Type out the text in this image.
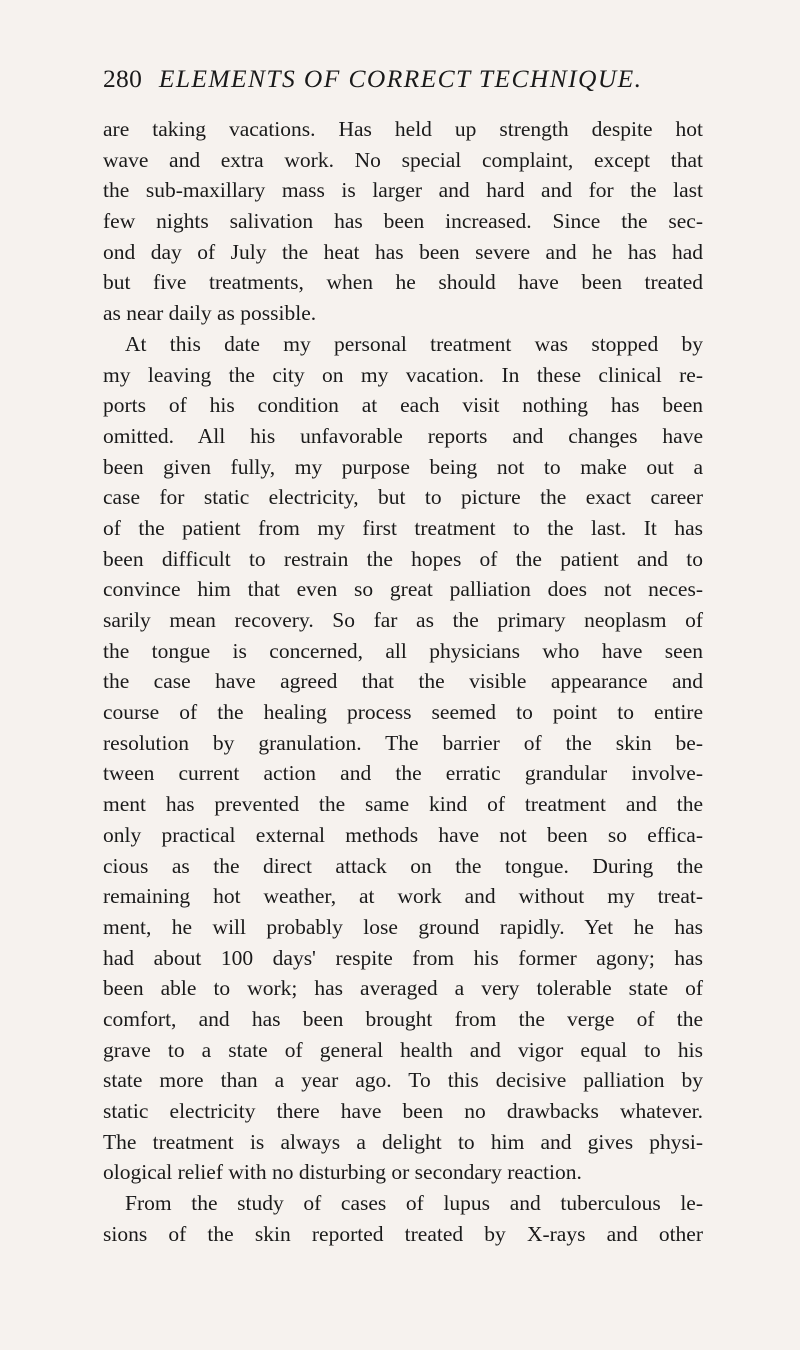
280 ELEMENTS OF CORRECT TECHNIQUE.
are taking vacations. Has held up strength despite hot
wave and extra work. No special complaint, except that
the sub-maxillary mass is larger and hard and for the last
few nights salivation has been increased. Since the sec-
ond day of July the heat has been severe and he has had
but five treatments, when he should have been treated
as near daily as possible.
At this date my personal treatment was stopped by
my leaving the city on my vacation. In these clinical re-
ports of his condition at each visit nothing has been
omitted. All his unfavorable reports and changes have
been given fully, my purpose being not to make out a
case for static electricity, but to picture the exact career
of the patient from my first treatment to the last. It has
been difficult to restrain the hopes of the patient and to
convince him that even so great palliation does not neces-
sarily mean recovery. So far as the primary neoplasm of
the tongue is concerned, all physicians who have seen
the case have agreed that the visible appearance and
course of the healing process seemed to point to entire
resolution by granulation. The barrier of the skin be-
tween current action and the erratic grandular involve-
ment has prevented the same kind of treatment and the
only practical external methods have not been so effica-
cious as the direct attack on the tongue. During the
remaining hot weather, at work and without my treat-
ment, he will probably lose ground rapidly. Yet he has
had about 100 days' respite from his former agony; has
been able to work; has averaged a very tolerable state of
comfort, and has been brought from the verge of the
grave to a state of general health and vigor equal to his
state more than a year ago. To this decisive palliation by
static electricity there have been no drawbacks whatever.
The treatment is always a delight to him and gives physi-
ological relief with no disturbing or secondary reaction.
From the study of cases of lupus and tuberculous le-
sions of the skin reported treated by X-rays and other
